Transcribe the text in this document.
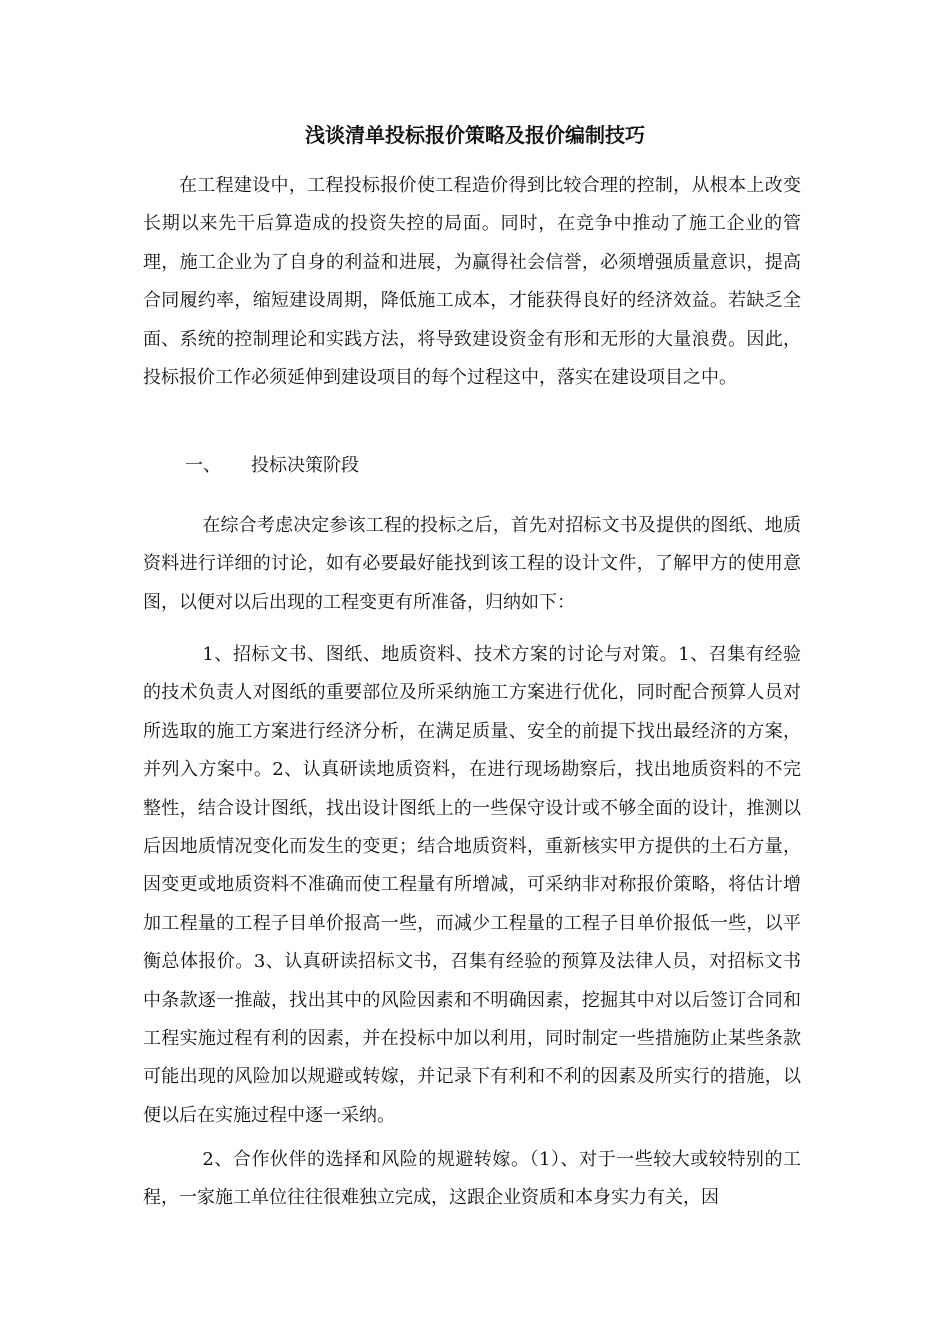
浅谈清单投标报价策略及报价编制技巧

在工程建设中，工程投标报价使工程造价得到比较合理的控制，从根本上改变长期以来先干后算造成的投资失控的局面。同时，在竞争中推动了施工企业的管理，施工企业为了自身的利益和进展，为赢得社会信誉，必须增强质量意识，提高合同履约率，缩短建设周期，降低施工成本，才能获得良好的经济效益。若缺乏全面、系统的控制理论和实践方法，将导致建设资金有形和无形的大量浪费。因此，投标报价工作必须延伸到建设项目的每个过程这中，落实在建设项目之中。

一、 投标决策阶段

在综合考虑决定参该工程的投标之后，首先对招标文书及提供的图纸、地质资料进行详细的讨论，如有必要最好能找到该工程的设计文件，了解甲方的使用意图，以便对以后出现的工程变更有所准备，归纳如下：

1、招标文书、图纸、地质资料、技术方案的讨论与对策。1、召集有经验的技术负责人对图纸的重要部位及所采纳施工方案进行优化，同时配合预算人员对所选取的施工方案进行经济分析，在满足质量、安全的前提下找出最经济的方案，并列入方案中。2、认真研读地质资料，在进行现场勘察后，找出地质资料的不完整性，结合设计图纸，找出设计图纸上的一些保守设计或不够全面的设计，推测以后因地质情况变化而发生的变更；结合地质资料，重新核实甲方提供的土石方量，因变更或地质资料不准确而使工程量有所增减，可采纳非对称报价策略，将估计增加工程量的工程子目单价报高一些，而减少工程量的工程子目单价报低一些，以平衡总体报价。3、认真研读招标文书，召集有经验的预算及法律人员，对招标文书中条款逐一推敲，找出其中的风险因素和不明确因素，挖掘其中对以后签订合同和工程实施过程有利的因素，并在投标中加以利用，同时制定一些措施防止某些条款可能出现的风险加以规避或转嫁，并记录下有利和不利的因素及所实行的措施，以便以后在实施过程中逐一采纳。

2、合作伙伴的选择和风险的规避转嫁。（1）、对于一些较大或较特别的工程，一家施工单位往往很难独立完成，这跟企业资质和本身实力有关，因
